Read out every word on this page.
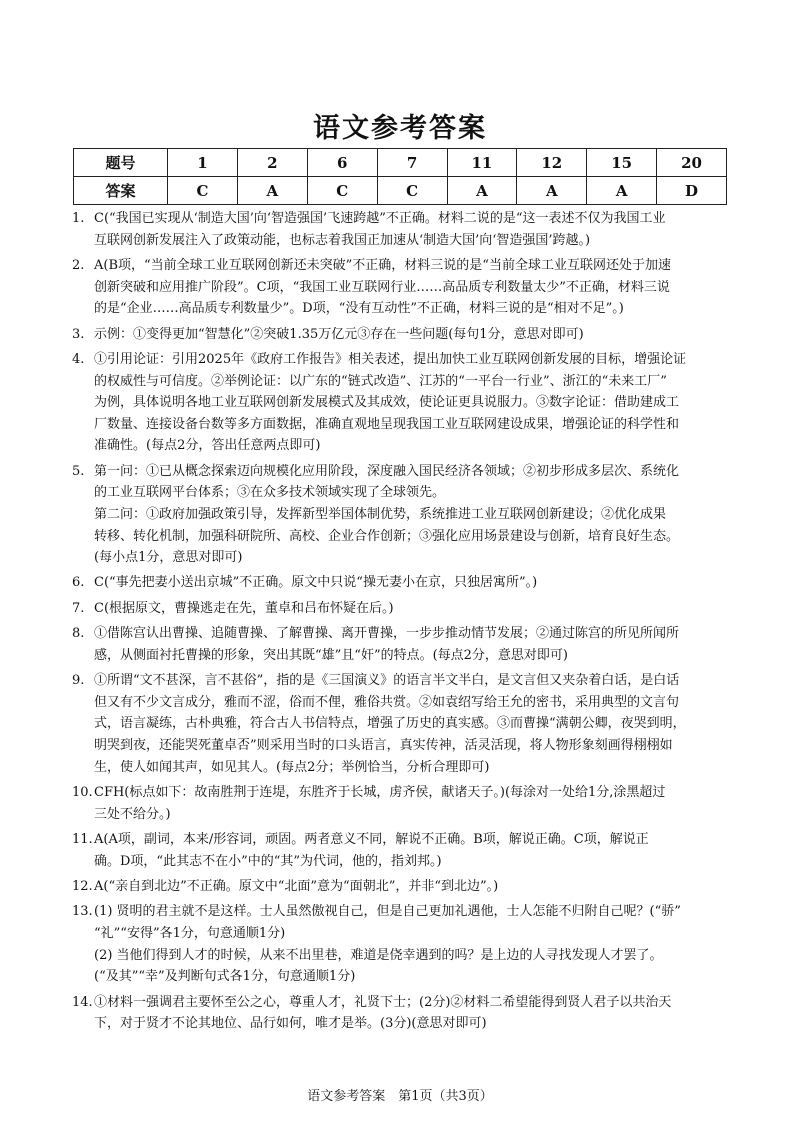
语文参考答案
题号	1	2	6	7	11	12	15	20
答案	C	A	C	C	A	A	A	D
1. C(“我国已实现从‘制造大国’向‘智造强国’飞速跨越”不正确。材料二说的是“这一表述不仅为我国工业
互联网创新发展注入了政策动能，也标志着我国正加速从‘制造大国’向‘智造强国’跨越。)
2. A(B项，“当前全球工业互联网创新还未突破”不正确，材料三说的是“当前全球工业互联网还处于加速
创新突破和应用推广阶段”。C项，“我国工业互联网行业……高品质专利数量太少”不正确，材料三说
的是“企业……高品质专利数量少”。D项，“没有互动性”不正确，材料三说的是“相对不足”。)
3. 示例：①变得更加“智慧化”②突破1.35万亿元③存在一些问题(每句1分，意思对即可)
4. ①引用论证：引用2025年《政府工作报告》相关表述，提出加快工业互联网创新发展的目标，增强论证
的权威性与可信度。②举例论证：以广东的“链式改造”、江苏的“一平台一行业”、浙江的“未来工厂”
为例，具体说明各地工业互联网创新发展模式及其成效，使论证更具说服力。③数字论证：借助建成工
厂数量、连接设备台数等多方面数据，准确直观地呈现我国工业互联网建设成果，增强论证的科学性和
准确性。(每点2分，答出任意两点即可)
5. 第一问：①已从概念探索迈向规模化应用阶段，深度融入国民经济各领域；②初步形成多层次、系统化
的工业互联网平台体系；③在众多技术领域实现了全球领先。
第二问：①政府加强政策引导，发挥新型举国体制优势，系统推进工业互联网创新建设；②优化成果
转移、转化机制，加强科研院所、高校、企业合作创新；③强化应用场景建设与创新，培育良好生态。
(每小点1分，意思对即可)
6. C(“事先把妻小送出京城”不正确。原文中只说“操无妻小在京，只独居寓所”。)
7. C(根据原文，曹操逃走在先，董卓和吕布怀疑在后。)
8. ①借陈宫认出曹操、追随曹操、了解曹操、离开曹操，一步步推动情节发展；②通过陈宫的所见所闻所
感，从侧面衬托曹操的形象，突出其既“雄”且“奸”的特点。(每点2分，意思对即可)
9. ①所谓“文不甚深，言不甚俗”，指的是《三国演义》的语言半文半白，是文言但又夹杂着白话，是白话
但又有不少文言成分，雅而不涩，俗而不俚，雅俗共赏。②如袁绍写给王允的密书，采用典型的文言句
式，语言凝练，古朴典雅，符合古人书信特点，增强了历史的真实感。③而曹操“满朝公卿，夜哭到明，
明哭到夜，还能哭死董卓否”则采用当时的口头语言，真实传神，活灵活现，将人物形象刻画得栩栩如
生，使人如闻其声，如见其人。(每点2分；举例恰当，分析合理即可)
10. CFH(标点如下：故南胜荆于连堤，东胜齐于长城，虏齐侯，献诸天子。)(每涂对一处给1分,涂黑超过
三处不给分。)
11. A(A项，副词，本来/形容词，顽固。两者意义不同，解说不正确。B项，解说正确。C项，解说正
确。D项，“此其志不在小”中的“其”为代词，他的，指刘邦。)
12. A(“亲自到北边”不正确。原文中“北面”意为“面朝北”，并非“到北边”。)
13. (1) 贤明的君主就不是这样。士人虽然傲视自己，但是自己更加礼遇他，士人怎能不归附自己呢？(“骄”
“礼”“安得”各1分，句意通顺1分)
(2) 当他们得到人才的时候，从来不出里巷，难道是侥幸遇到的吗？是上边的人寻找发现人才罢了。
(“及其”“幸”及判断句式各1分，句意通顺1分)
14. ①材料一强调君主要怀至公之心，尊重人才，礼贤下士；(2分)②材料二希望能得到贤人君子以共治天
下，对于贤才不论其地位、品行如何，唯才是举。(3分)(意思对即可)
语文参考答案　第1页（共3页）
